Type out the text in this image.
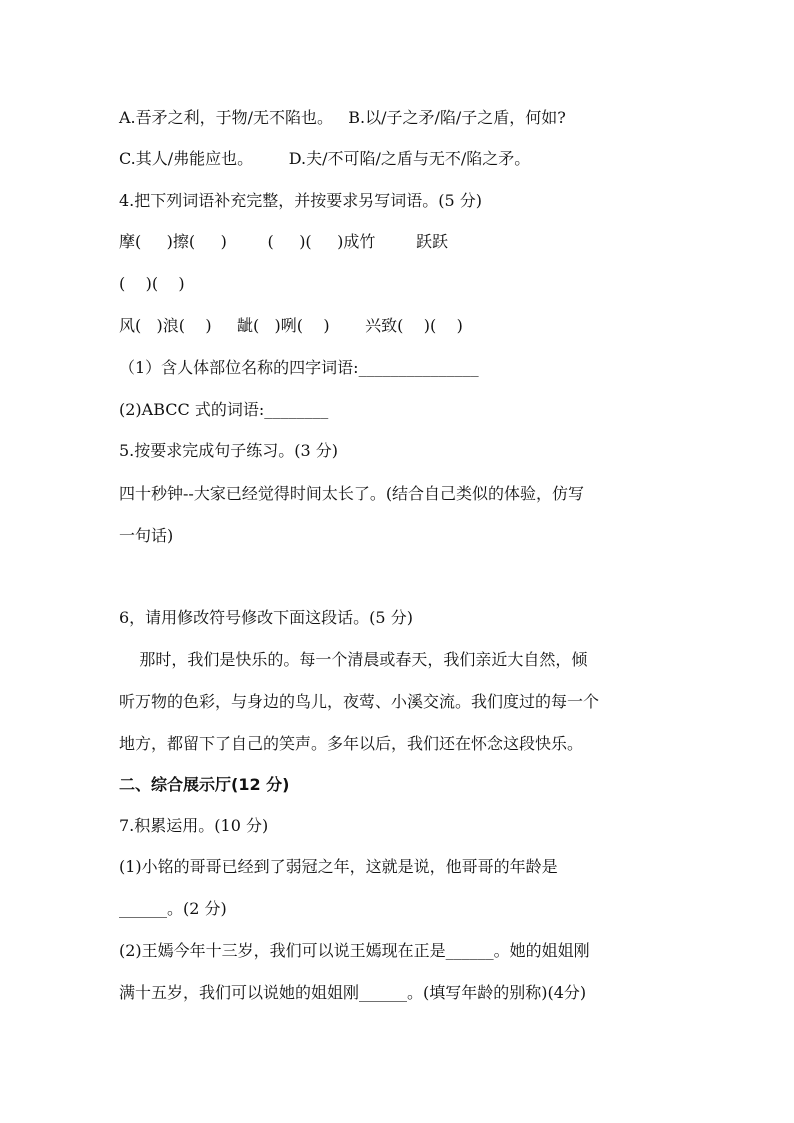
A.吾矛之利，于物/无不陷也。   B.以/子之矛/陷/子之盾，何如?
C.其人/弗能应也。       D.夫/不可陷/之盾与无不/陷之矛。
4.把下列词语补充完整，并按要求另写词语。(5 分)
摩(     )擦(     )        (     )(     )成竹        跃跃
(    )(    )
风(   )浪(    )     龇(   )咧(    )       兴致(    )(    )
（1）含人体部位名称的四字词语:_______________
(2)ABCC 式的词语:________
5.按要求完成句子练习。(3 分)
四十秒钟--大家已经觉得时间太长了。(结合自己类似的体验，仿写
一句话)
6，请用修改符号修改下面这段话。(5 分)
那时，我们是快乐的。每一个清晨或春天，我们亲近大自然，倾
听万物的色彩，与身边的鸟儿，夜莺、小溪交流。我们度过的每一个
地方，都留下了自己的笑声。多年以后，我们还在怀念这段快乐。
二、综合展示厅(12 分)
7.积累运用。(10 分)
(1)小铭的哥哥已经到了弱冠之年，这就是说，他哥哥的年龄是
______。(2 分)
(2)王嫣今年十三岁，我们可以说王嫣现在正是______。她的姐姐刚
满十五岁，我们可以说她的姐姐刚______。(填写年龄的别称)(4分)
